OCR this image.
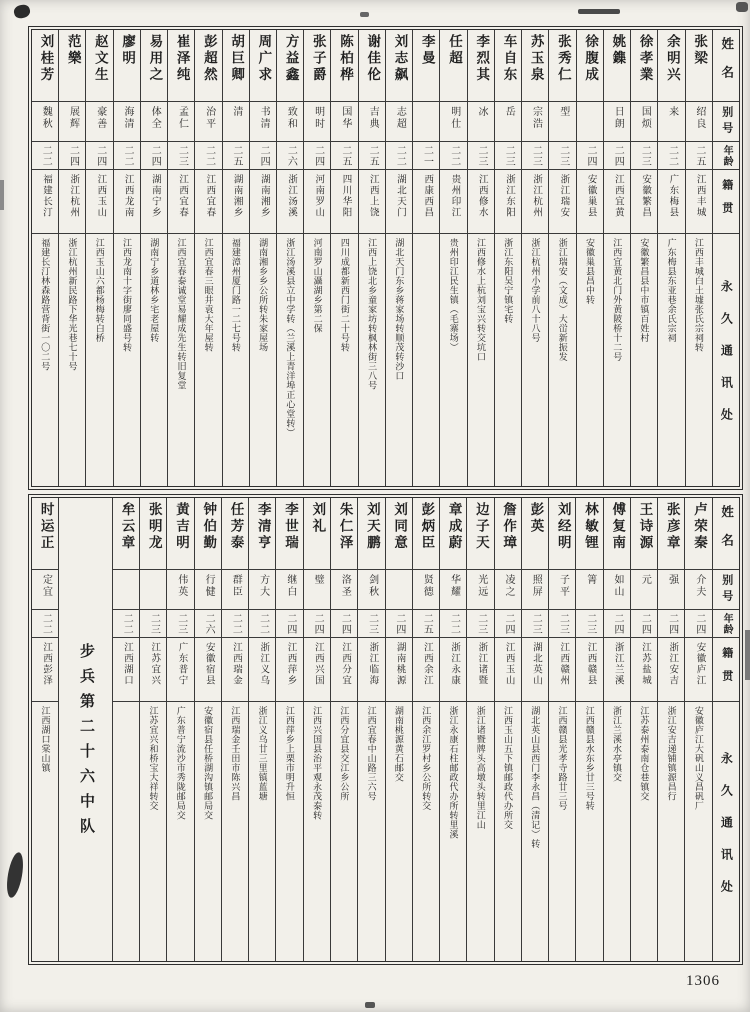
姓名
别号
年龄
籍贯
永久通讯处
张梁
绍良
二五
江西丰城
江西丰城白土墟张氏宗祠转
余明兴
来
二二
广东梅县
广东梅县东亚巷余氏宗祠
徐孝業
国烦
二三
安徽繁昌
安徽繁昌县中市镇百姓村
姚鏶
日朗
二四
江西宜黄
江西宜黄北门外黄陂桥十二号
徐腹成
二四
安徽巢县
安徽巢县昌中转
张秀仁
型
二三
浙江瑞安
浙江瑞安（文成）大峃新振发
苏玉泉
宗浩
二三
浙江杭州
浙江杭州小学前八十八号
车自东
岳
二三
浙江东阳
浙江东阳吴宁镇宅转
李烈其
冰
二三
江西修水
江西修水上杭刘宝兴转交坑口
任超
明仕
二二
贵州印江
贵州印江民生镇（毛寨场）
李曼
二一
西康西昌
刘志飙
志超
二二
湖北天门
湖北天门东乡蒋家场转顺茂转沙口
谢佳伦
吉典
二五
江西上饶
江西上饶北乡童家坊转枫林街三八号
陈柏桦
国华
二五
四川华阳
四川成都新西门街二十号转
张子爵
明时
二四
河南罗山
河南罗山灄湖乡第二保
方益鑫
致和
二六
浙江汤溪
浙江汤溪县立中学转（兰溪上青洋埠正心堂转）
周广求
书清
二四
湖南湘乡
湖南湘乡乡公所转朱家屋场
胡巨卿
清
二五
湖南湘乡
福建漳州厦门路一二七号转
彭超然
治平
二二
江西宜春
江西宜春三眼井袁大年屋转
崔泽纯
孟仁
二三
江西宜春
江西宜春泰诚堂易耀成先生转旧复堂
易用之
体全
二四
湖南宁乡
湖南宁乡道林乡宅老屋转
廖明
海清
二二
江西龙南
江西龙南十字街廖同盛号转
赵文生
豪善
二四
江西玉山
江西玉山六都杨梅转白桥
范樂
展辉
二四
浙江杭州
浙江杭州新民路下华光巷七十号
刘桂芳
魏秋
二二
福建长汀
福建长汀林森路营背街一〇二号
姓名
别号
年龄
籍贯
永久通讯处
卢荣秦
介夫
二四
安徽庐江
安徽庐江大矾山义昌矾厂
张彦章
强
二四
浙江安吉
浙江安吉递铺镇源昌行
王诗源
元
二四
江苏盐城
江苏泰州泰南仓巷镇交
傅复南
如山
二四
浙江兰溪
浙江兰溪水亭镇交
林敏锂
箐
二三
江西赣县
江西赣县水东乡廿三号转
刘经明
子平
二三
江西赣州
江西赣县光孝寺路廿三号
彭英
照屏
二三
湖北英山
湖北英山县西门李永昌（清记）转
詹作璋
凌之
二四
江西玉山
江西玉山五下镇邮政代办所交
边子天
光远
二三
浙江诸暨
浙江诸暨牌头高墩头转里江山
章成蔚
华耀
二二
浙江永康
浙江永康石柱邮政代办所转里溪
彭炳臣
贤德
二五
江西余江
江西余江罗村乡公所转交
刘同意
二四
湖南桃源
湖南桃源黄石邮交
刘天鹏
剑秋
二三
浙江临海
江西宜春中山路三六号
朱仁泽
洛圣
二四
江西分宜
江西分宜县交江乡公所
刘礼
璧
二四
江西兴国
江西兴国县治平观永茂泰转
李世瑞
继白
二四
江西萍乡
江西萍乡上栗市明升恒
李清亨
方大
二二
浙江义乌
浙江义乌廿三里镇蓝塘
任芳泰
群臣
二二
江西瑞金
江西瑞金壬田市陈兴昌
钟伯勤
行健
二六
安徽宿县
安徽宿县任桥湖沟镇邮局交
黄吉明
伟英
二三
广东普宁
广东普宁流沙市秀陇邮局交
张明龙
二三
江苏宜兴
江苏宜兴和桥宝大祥转交
牟云章
二二
江西湖口
步兵第二十六中队
时运正
定宜
二二
江西彭泽
江西湖口棠山镇
1306
